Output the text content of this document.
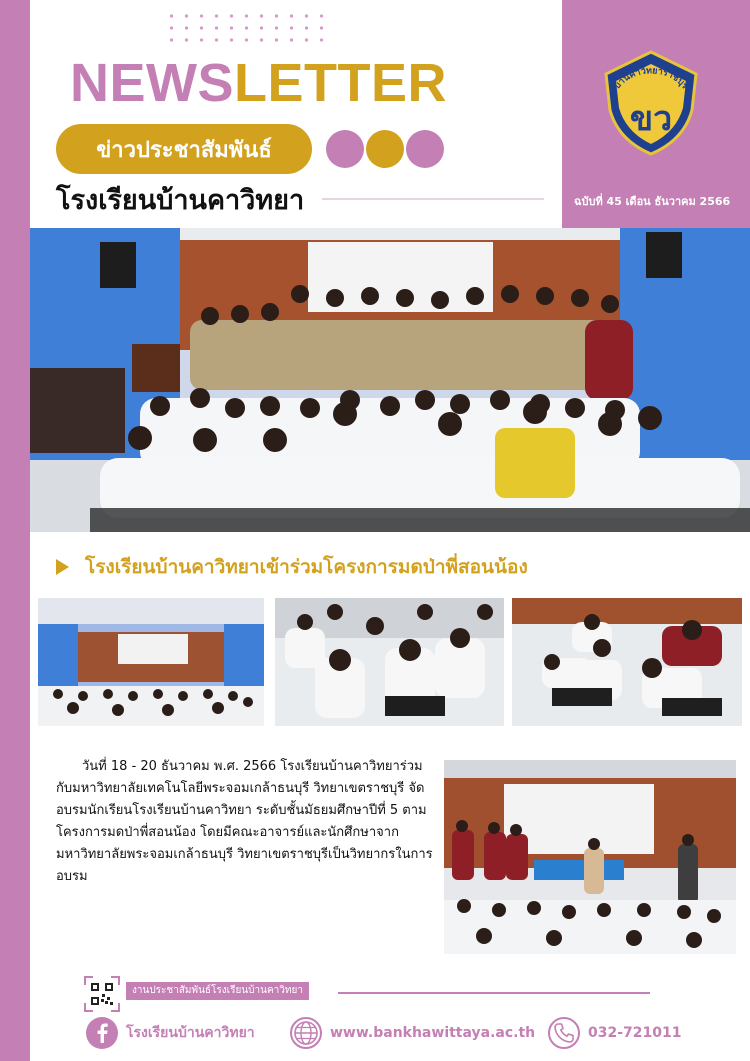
NEWSLETTER
ข่าวประชาสัมพันธ์
โรงเรียนบ้านคาวิทยา
บ้านคาวิทยาราชบุรี
ขว
ฉบับที่ 45 เดือน ธันวาคม 2566
โรงเรียนบ้านคาวิทยาเข้าร่วมโครงการมดป่าพี่สอนน้อง

วันที่ 18 - 20 ธันวาคม พ.ศ. 2566 โรงเรียนบ้านคาวิทยาร่วมกับมหาวิทยาลัยเทคโนโลยีพระจอมเกล้าธนบุรี วิทยาเขตราชบุรี จัดอบรมนักเรียนโรงเรียนบ้านคาวิทยา ระดับชั้นมัธยมศึกษาปีที่ 5 ตามโครงการมดป่าพี่สอนน้อง โดยมีคณะอาจารย์และนักศึกษาจากมหาวิทยาลัยพระจอมเกล้าธนบุรี วิทยาเขตราชบุรีเป็นวิทยากรในการอบรม

งานประชาสัมพันธ์โรงเรียนบ้านคาวิทยา
โรงเรียนบ้านคาวิทยา	www.bankhawittaya.ac.th	032-721011
